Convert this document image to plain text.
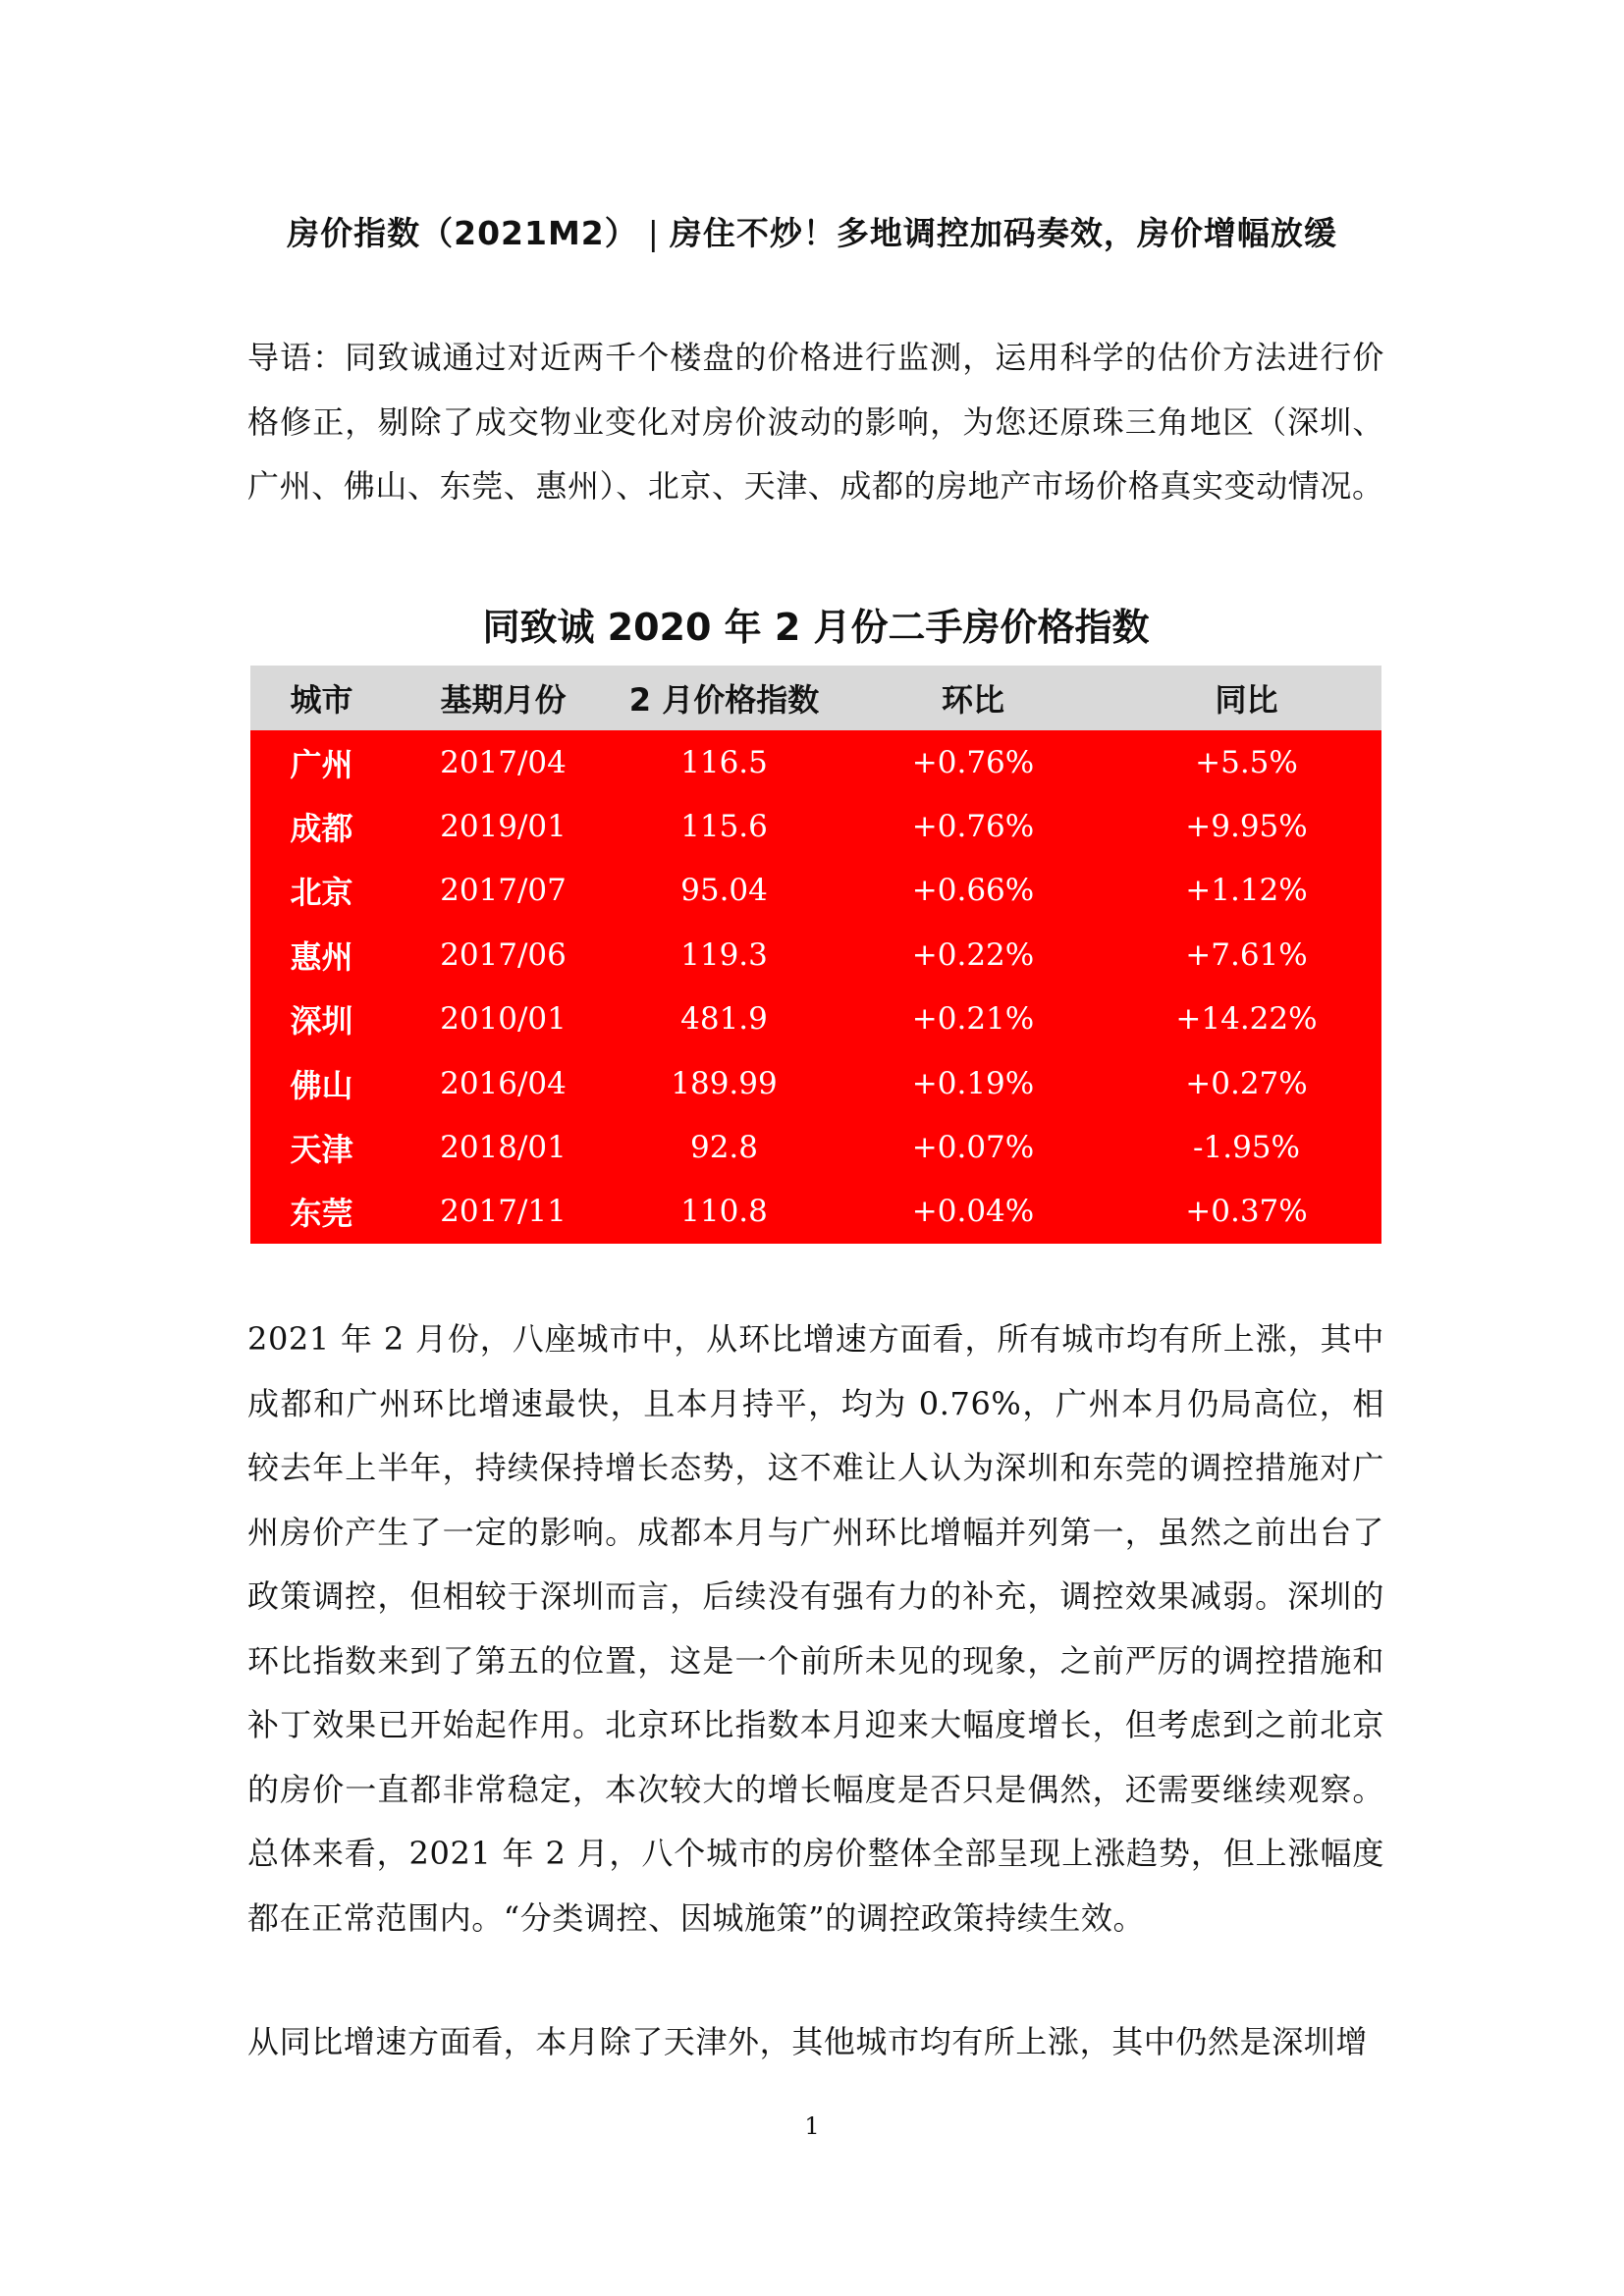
房价指数（2021M2） | 房住不炒！多地调控加码奏效，房价增幅放缓
导语：同致诚通过对近两千个楼盘的价格进行监测，运用科学的估价方法进行价格修正，剔除了成交物业变化对房价波动的影响，为您还原珠三角地区（深圳、广州、佛山、东莞、惠州）、北京、天津、成都的房地产市场价格真实变动情况。
同致诚 2020 年 2 月份二手房价格指数
城市	基期月份	2 月价格指数	环比	同比
广州	2017/04	116.5	+0.76%	+5.5%
成都	2019/01	115.6	+0.76%	+9.95%
北京	2017/07	95.04	+0.66%	+1.12%
惠州	2017/06	119.3	+0.22%	+7.61%
深圳	2010/01	481.9	+0.21%	+14.22%
佛山	2016/04	189.99	+0.19%	+0.27%
天津	2018/01	92.8	+0.07%	-1.95%
东莞	2017/11	110.8	+0.04%	+0.37%
2021 年 2 月份，八座城市中，从环比增速方面看，所有城市均有所上涨，其中成都和广州环比增速最快，且本月持平，均为 0.76%，广州本月仍局高位，相较去年上半年，持续保持增长态势，这不难让人认为深圳和东莞的调控措施对广州房价产生了一定的影响。成都本月与广州环比增幅并列第一，虽然之前出台了政策调控，但相较于深圳而言，后续没有强有力的补充，调控效果减弱。深圳的环比指数来到了第五的位置，这是一个前所未见的现象，之前严厉的调控措施和补丁效果已开始起作用。北京环比指数本月迎来大幅度增长，但考虑到之前北京的房价一直都非常稳定，本次较大的增长幅度是否只是偶然，还需要继续观察。总体来看，2021 年 2 月，八个城市的房价整体全部呈现上涨趋势，但上涨幅度都在正常范围内。“分类调控、因城施策”的调控政策持续生效。
从同比增速方面看，本月除了天津外，其他城市均有所上涨，其中仍然是深圳增
1
